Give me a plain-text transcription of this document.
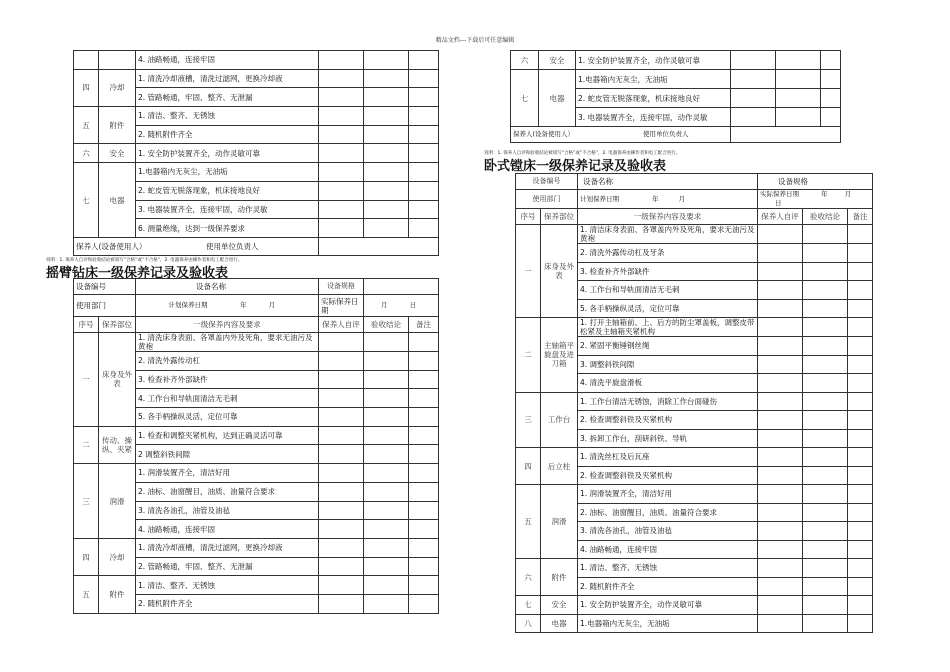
精品文档---下载后可任意编辑
		4. 油路畅通，连接牢固			
四	冷却	1. 清洗冷却液槽，清洗过滤网，更换冷却液			
		2. 管路畅通，牢固、整齐、无泄漏			
五	附件	1. 清洁、整齐、无锈蚀			
		2. 随机附件齐全			
六	安全	1. 安全防护装置齐全，动作灵敏可靠			
七	电器	1.电器箱内无灰尘，无油垢			
		2. 蛇皮管无脱落现象，机床接地良好			
		3. 电器装置齐全，连接牢固，动作灵敏			
		6. 测量绝缘，达到一级保养要求			
保养人(设备使用人） 使用单位负责人					
说明：1. 保养人自评和验收结论被项写“合格”或“不合格”，2. 电器保养由操作者和电工配合进行。
摇臂钻床一级保养记录及验收表
设备编号		设备名称	设备规格		
使用部门		计划保养日期 年 月	实际保养日期	月 日	
序号	保养部位	一级保养内容及要求	保养人自评	验收结论	备注
一	床身及外表	1. 清洗床身表面、各罩盖内外及死角，要求无油污及黄袍			
		2. 清洗外露传动杠			
		3. 检查补齐外部缺件			
		4. 工作台和导轨面清洁无毛刺			
		5. 各手柄操纵灵活，定位可靠			
二	传动、操纵、夹紧	1. 检查和调整夹紧机构，达到正确灵活可靠			
		2 调整斜铁间隙			
三	润滑	1. 润滑装置齐全，清洁好用			
		2. 油标、油窗醒目，油质、油量符合要求			
		3. 清洗各油孔，油管及油毡			
		4. 油路畅通，连接牢固			
四	冷却	1. 清洗冷却液槽，清洗过滤网，更换冷却液			
		2. 管路畅通，牢固、整齐、无泄漏			
五	附件	1. 清洁、整齐、无锈蚀			
		2. 随机附件齐全			
六	安全	1. 安全防护装置齐全，动作灵敏可靠			
七	电器	1.电器箱内无灰尘，无油垢			
		2. 蛇皮管无脱落现象，机床接地良好			
		3. 电器装置齐全，连接牢固，动作灵敏			
保养人(设备使用人） 使用单位负责人					
说明：1. 保养人自评和验收结论被项写“合格”或“不合格”，2. 电器保养由操作者和电工配合进行。
卧式镗床一级保养记录及验收表
设备编号		设备名称	设备规格		
使用部门		计划保养日期 年 月	实际保养日期 年 月 日		
序号	保养部位	一级保养内容及要求	保养人自评	验收结论	备注
一	床身及外表	1. 清洁床身表面、各罩盖内外及死角，要求无油污及黄袍			
		2. 清洗外露传动杠及牙条			
		3. 检查补齐外部缺件			
		4. 工作台和导轨面清洁无毛刺			
		5. 各手柄操纵灵活，定位可靠			
二	主轴箱平旋盘及进刀箱	1. 打开主轴箱前、上、后方的防尘罩盖板，调整皮带松紧及主轴箱夹紧机构			
		2. 紧固平衡锤钢丝绳			
		3. 调整斜铁间隙			
		4. 清洗平旋盘滑板			
三	工作台	1. 工作台清洁无锈蚀，消除工作台面碰伤			
		2. 检查调整斜铁及夹紧机构			
		3. 拆卸工作台，刮研斜铁、导轨			
四	后立柱	1. 清洗丝杠及后瓦座			
		2. 检查调整斜铁及夹紧机构			
五	润滑	1. 润滑装置齐全，清洁好用			
		2. 油标、油窗醒目，油质、油量符合要求			
		3. 清洗各油孔，油管及油毡			
		4. 油路畅通，连接牢固			
六	附件	1. 清洁、整齐、无锈蚀			
		2. 随机附件齐全			
七	安全	1. 安全防护装置齐全，动作灵敏可靠			
八	电器	1.电器箱内无灰尘，无油垢			
